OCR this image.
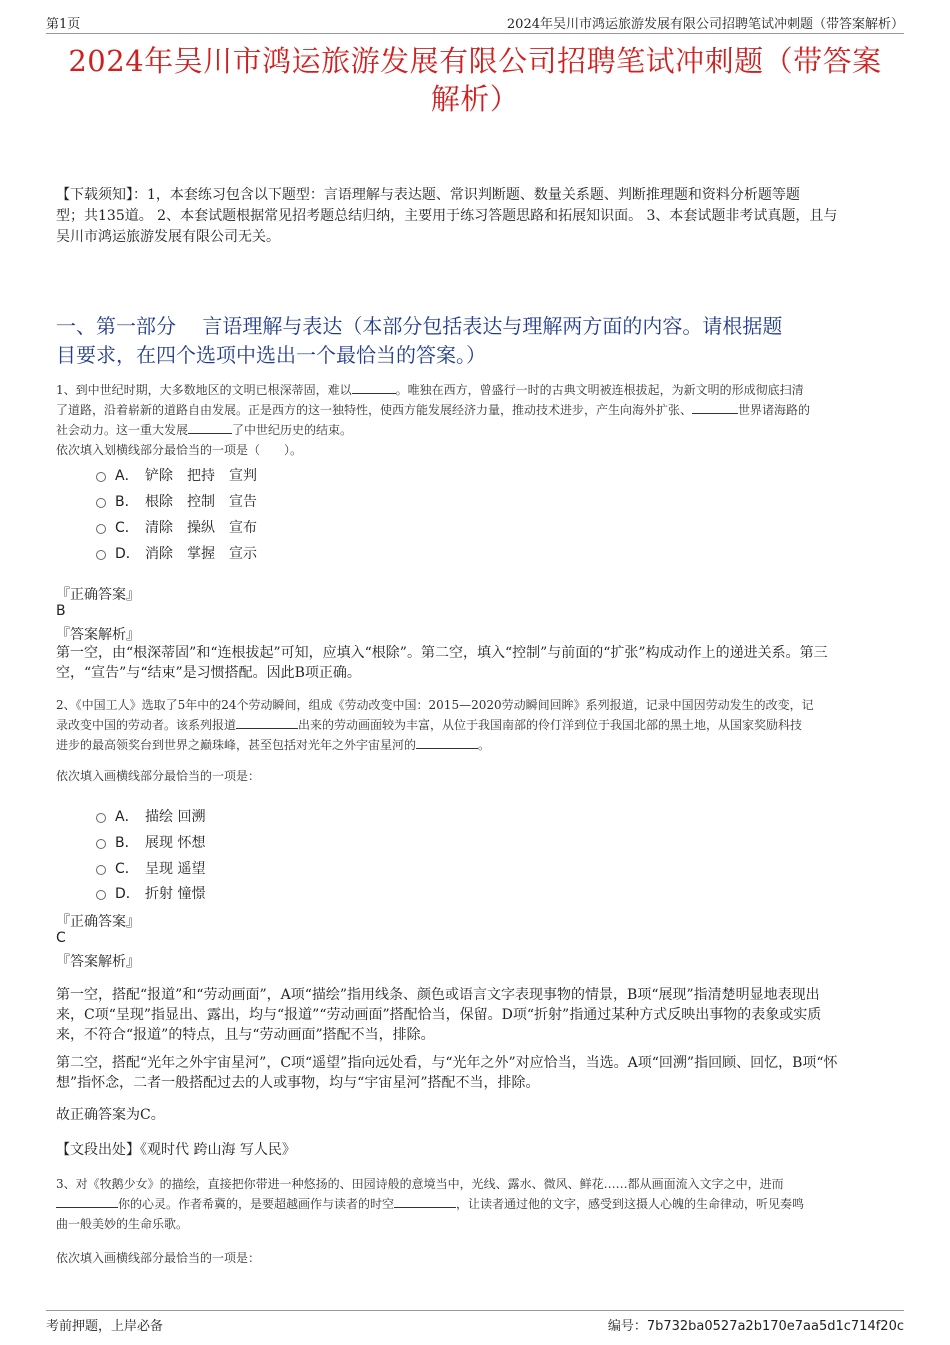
第1页	2024年吴川市鸿运旅游发展有限公司招聘笔试冲刺题（带答案解析）
2024年吴川市鸿运旅游发展有限公司招聘笔试冲刺题（带答案
解析）
【下载须知】：1，本套练习包含以下题型：言语理解与表达题、常识判断题、数量关系题、判断推理题和资料分析题等题
型；共135道。 2、本套试题根据常见招考题总结归纳，主要用于练习答题思路和拓展知识面。 3、本套试题非考试真题，且与
吴川市鸿运旅游发展有限公司无关。
一、第一部分　 言语理解与表达（本部分包括表达与理解两方面的内容。请根据题
目要求，在四个选项中选出一个最恰当的答案。）
1、到中世纪时期，大多数地区的文明已根深蒂固，难以	。唯独在西方，曾盛行一时的古典文明被连根拔起，为新文明的形成彻底扫清
了道路，沿着崭新的道路自由发展。正是西方的这一独特性，使西方能发展经济力量，推动技术进步，产生向海外扩张、	世界诸海路的
社会动力。这一重大发展	了中世纪历史的结束。
依次填入划横线部分最恰当的一项是（　　）。
A． 铲除　把持　宣判
B． 根除　控制　宣告
C． 清除　操纵　宣布
D． 消除　掌握　宣示
『正确答案』
B
『答案解析』
第一空，由“根深蒂固”和“连根拔起”可知，应填入“根除”。第二空，填入“控制”与前面的“扩张”构成动作上的递进关系。第三
空，“宣告”与“结束”是习惯搭配。因此B项正确。
2、《中国工人》选取了5年中的24个劳动瞬间，组成《劳动改变中国：2015—2020劳动瞬间回眸》系列报道，记录中国因劳动发生的改变，记
录改变中国的劳动者。该系列报道	出来的劳动画面较为丰富，从位于我国南部的伶仃洋到位于我国北部的黑土地，从国家奖励科技
进步的最高领奖台到世界之巅珠峰，甚至包括对光年之外宇宙星河的	。
依次填入画横线部分最恰当的一项是：
A． 描绘 回溯
B． 展现 怀想
C． 呈现 遥望
D． 折射 憧憬
『正确答案』
C
『答案解析』
第一空，搭配“报道”和“劳动画面”，A项“描绘”指用线条、颜色或语言文字表现事物的情景，B项“展现”指清楚明显地表现出
来，C项“呈现”指显出、露出，均与“报道”“劳动画面”搭配恰当，保留。D项“折射”指通过某种方式反映出事物的表象或实质
来，不符合“报道”的特点，且与“劳动画面”搭配不当，排除。
第二空，搭配“光年之外宇宙星河”，C项“遥望”指向远处看，与“光年之外”对应恰当，当选。A项“回溯”指回顾、回忆，B项“怀
想”指怀念，二者一般搭配过去的人或事物，均与“宇宙星河”搭配不当，排除。
故正确答案为C。
【文段出处】《观时代 跨山海 写人民》
3、对《牧鹅少女》的描绘，直接把你带进一种悠扬的、田园诗般的意境当中，光线、露水、微风、鲜花……都从画面流入文字之中，进而
你的心灵。作者希冀的，是要超越画作与读者的时空	，让读者通过他的文字，感受到这摄人心魄的生命律动，听见奏鸣
曲一般美妙的生命乐歌。
依次填入画横线部分最恰当的一项是：
考前押题，上岸必备	编号：7b732ba0527a2b170e7aa5d1c714f20c
